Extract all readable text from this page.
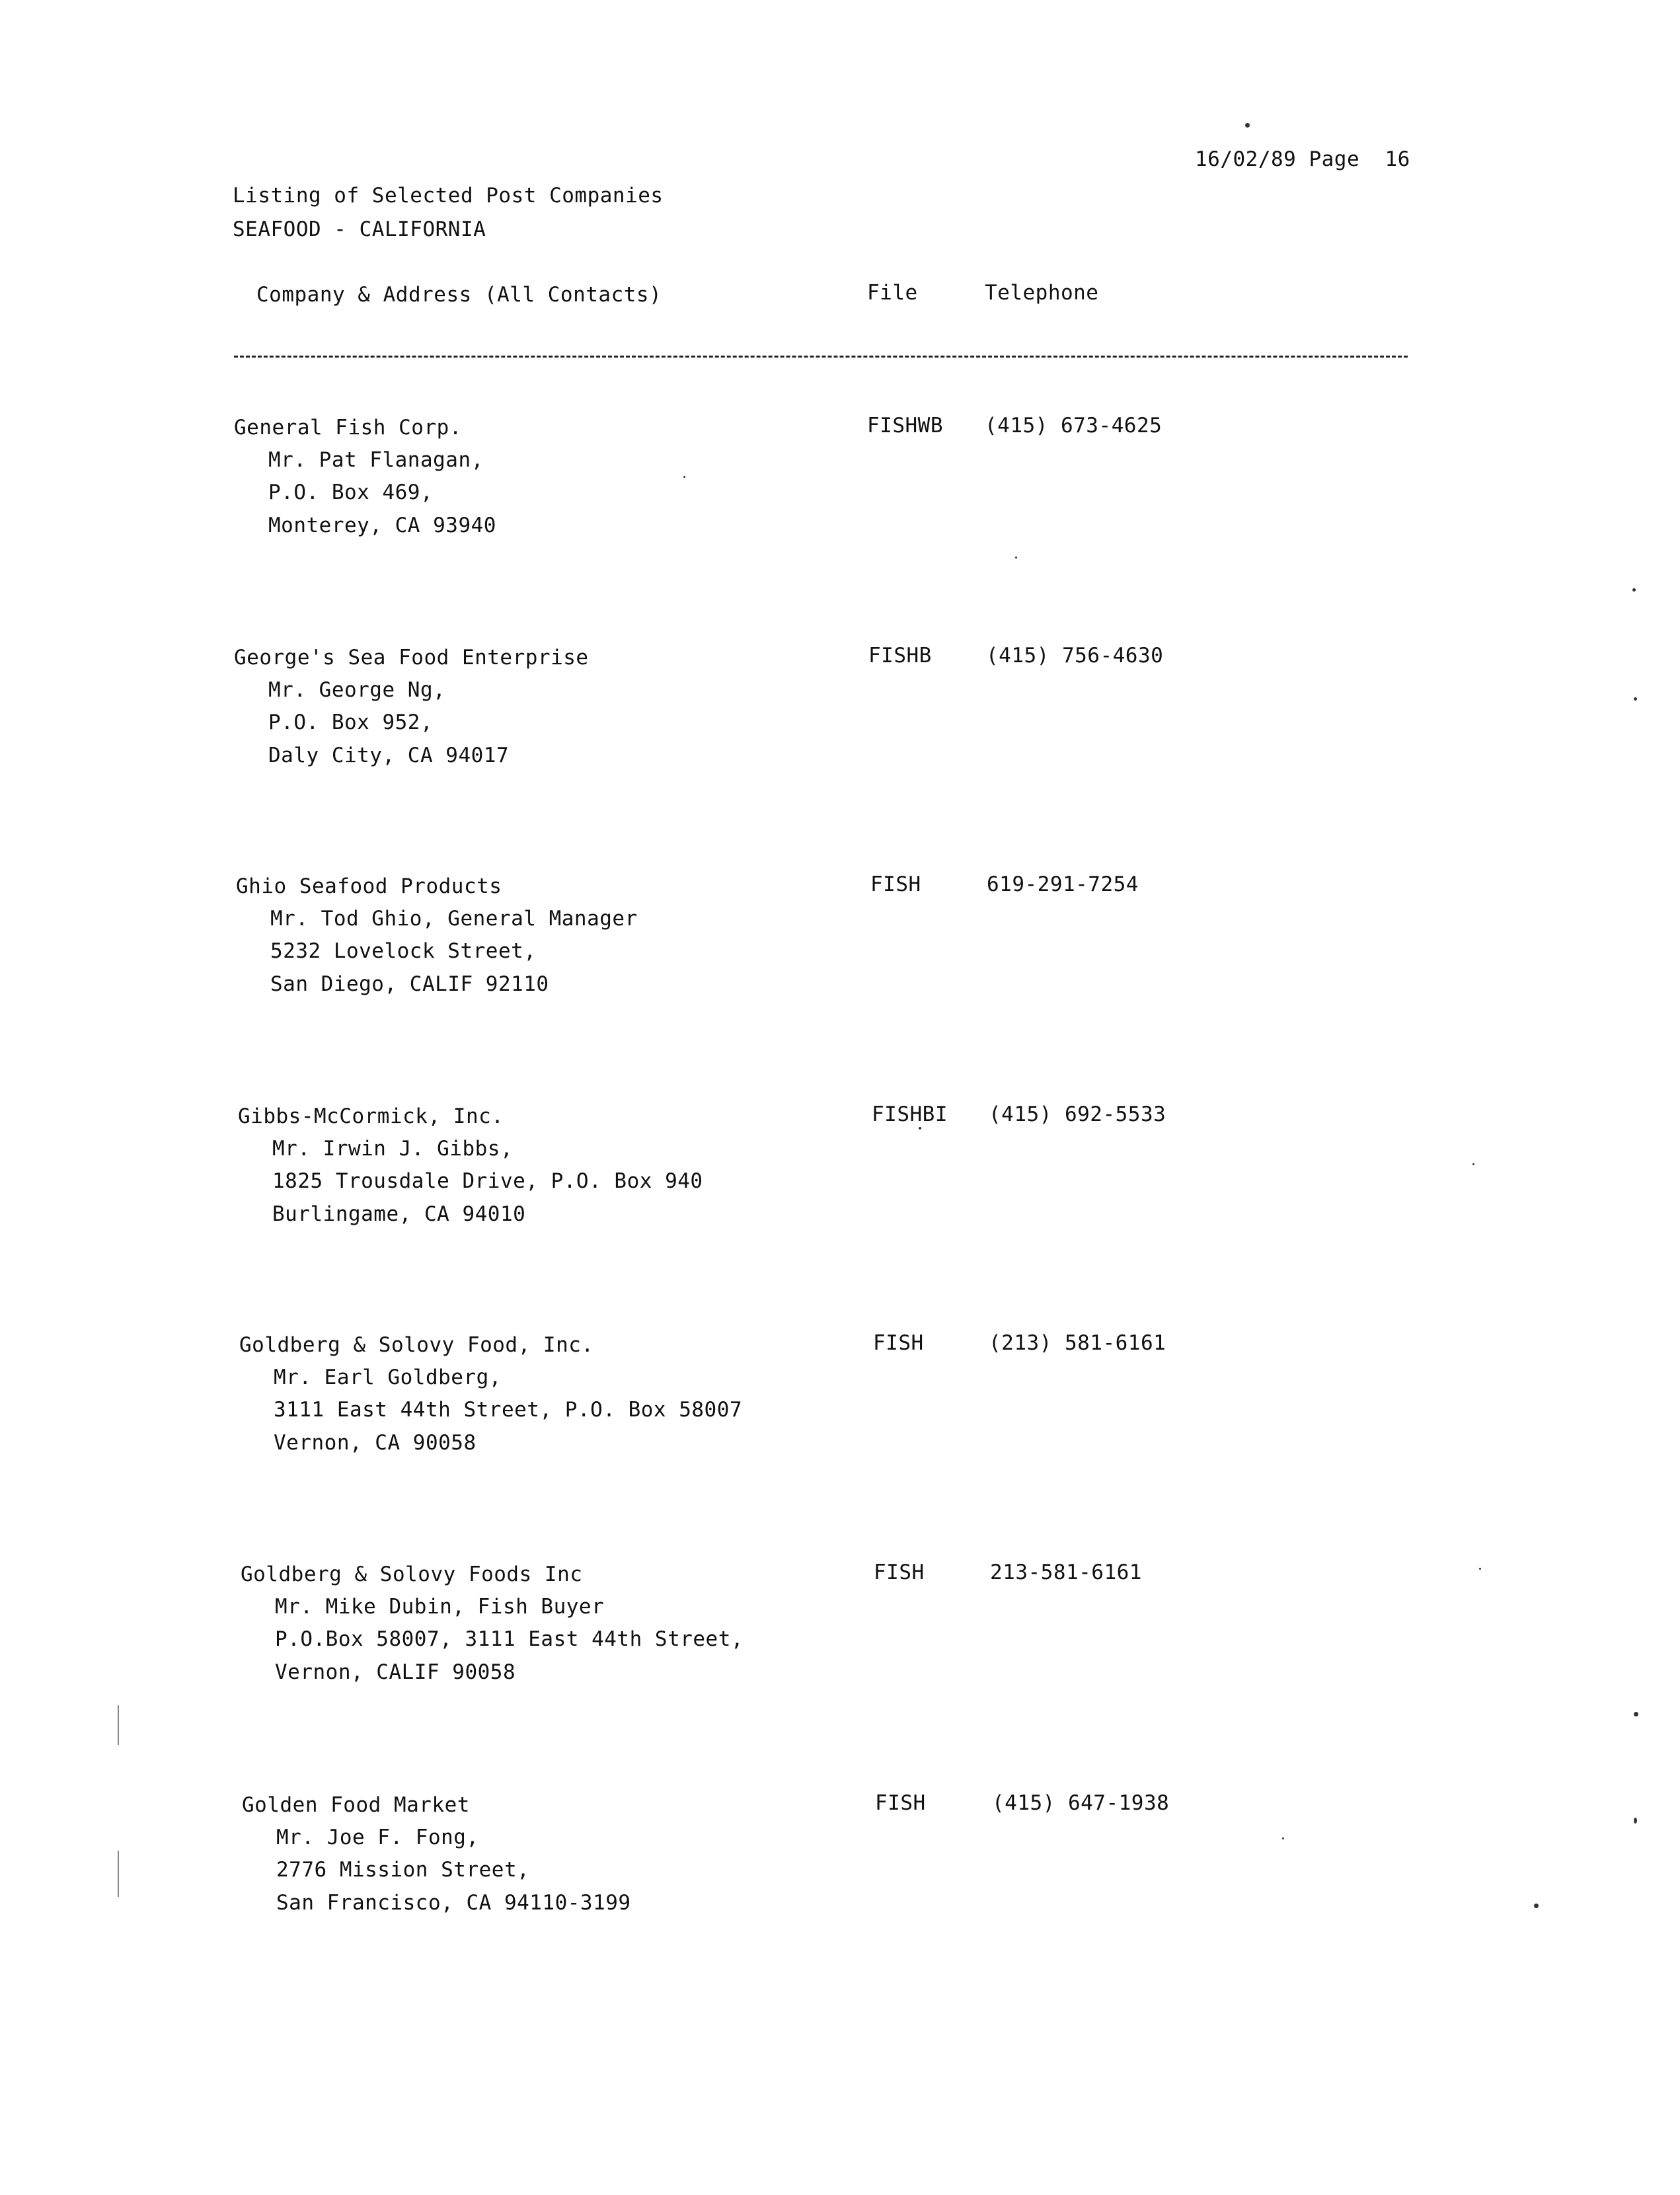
16/02/89 Page  16
Listing of Selected Post Companies
SEAFOOD - CALIFORNIA
Company & Address (All Contacts)	File	Telephone
General Fish Corp.
Mr. Pat Flanagan,
P.O. Box 469,
Monterey, CA 93940
FISHWB (415) 673-4625
George's Sea Food Enterprise
Mr. George Ng,
P.O. Box 952,
Daly City, CA 94017
FISHB	(415) 756-4630
Ghio Seafood Products
Mr. Tod Ghio, General Manager
5232 Lovelock Street,
San Diego, CALIF 92110
FISH	619-291-7254
Gibbs-McCormick, Inc.
Mr. Irwin J. Gibbs,
1825 Trousdale Drive, P.O. Box 940
Burlingame, CA 94010
FISHBI (415) 692-5533
Goldberg & Solovy Food, Inc.
Mr. Earl Goldberg,
3111 East 44th Street, P.O. Box 58007
Vernon, CA 90058
FISH	(213) 581-6161
Goldberg & Solovy Foods Inc
Mr. Mike Dubin, Fish Buyer
P.O.Box 58007, 3111 East 44th Street,
Vernon, CALIF 90058
FISH	213-581-6161
Golden Food Market
Mr. Joe F. Fong,
2776 Mission Street,
San Francisco, CA 94110-3199
FISH	(415) 647-1938
